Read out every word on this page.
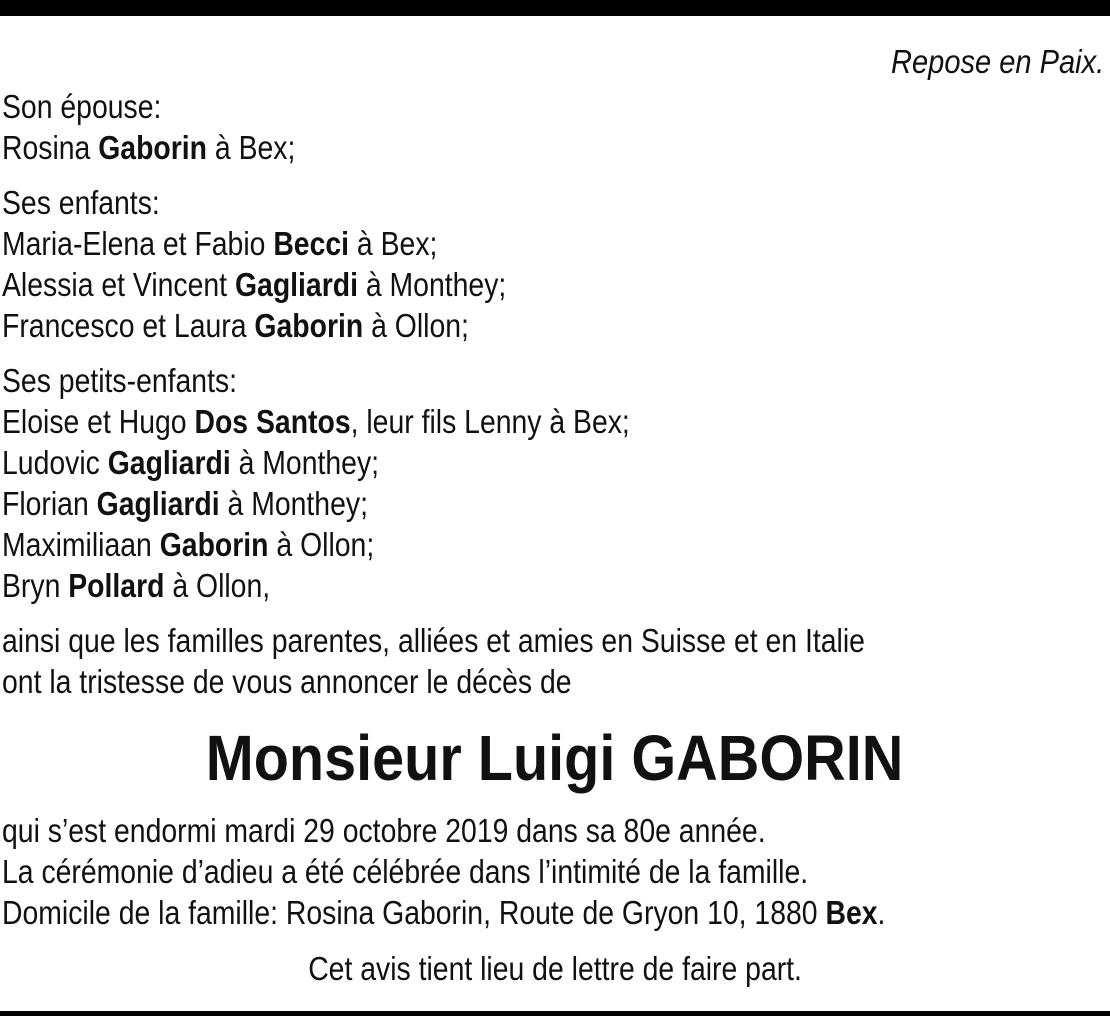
Repose en Paix.
Son épouse:
Rosina Gaborin à Bex;
Ses enfants:
Maria-Elena et Fabio Becci à Bex;
Alessia et Vincent Gagliardi à Monthey;
Francesco et Laura Gaborin à Ollon;
Ses petits-enfants:
Eloise et Hugo Dos Santos, leur fils Lenny à Bex;
Ludovic Gagliardi à Monthey;
Florian Gagliardi à Monthey;
Maximiliaan Gaborin à Ollon;
Bryn Pollard à Ollon,
ainsi que les familles parentes, alliées et amies en Suisse et en Italie
ont la tristesse de vous annoncer le décès de
Monsieur Luigi GABORIN
qui s’est endormi mardi 29 octobre 2019 dans sa 80e année.
La cérémonie d’adieu a été célébrée dans l’intimité de la famille.
Domicile de la famille: Rosina Gaborin, Route de Gryon 10, 1880 Bex.
Cet avis tient lieu de lettre de faire part.
